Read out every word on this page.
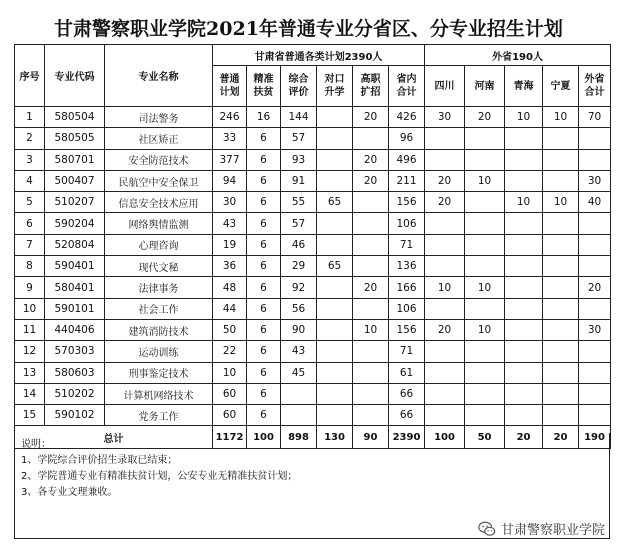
甘肃警察职业学院2021年普通专业分省区、分专业招生计划
序号	专业代码	专业名称	甘肃省普通各类计划2390人						外省190人				
			普通计划	精准扶贫	综合评价	对口升学	高职扩招	省内合计	四川	河南	青海	宁夏	外省合计
1	580504	司法警务	246	16	144		20	426	30	20	10	10	70
2	580505	社区矫正	33	6	57			96					
3	580701	安全防范技术	377	6	93		20	496					
4	500407	民航空中安全保卫	94	6	91		20	211	20	10			30
5	510207	信息安全技术应用	30	6	55	65		156	20		10	10	40
6	590204	网络舆情监测	43	6	57			106					
7	520804	心理咨询	19	6	46			71					
8	590401	现代文秘	36	6	29	65		136					
9	580401	法律事务	48	6	92		20	166	10	10			20
10	590101	社会工作	44	6	56			106					
11	440406	建筑消防技术	50	6	90		10	156	20	10			30
12	570303	运动训练	22	6	43			71					
13	580603	刑事鉴定技术	10	6	45			61					
14	510202	计算机网络技术	60	6				66					
15	590102	党务工作	60	6				66					
总计			1172	100	898	130	90	2390	100	50	20	20	190
说明：
1、学院综合评价招生录取已结束；
2、学院普通专业有精准扶贫计划，公安专业无精准扶贫计划；
3、各专业文理兼收。
甘肃警察职业学院
